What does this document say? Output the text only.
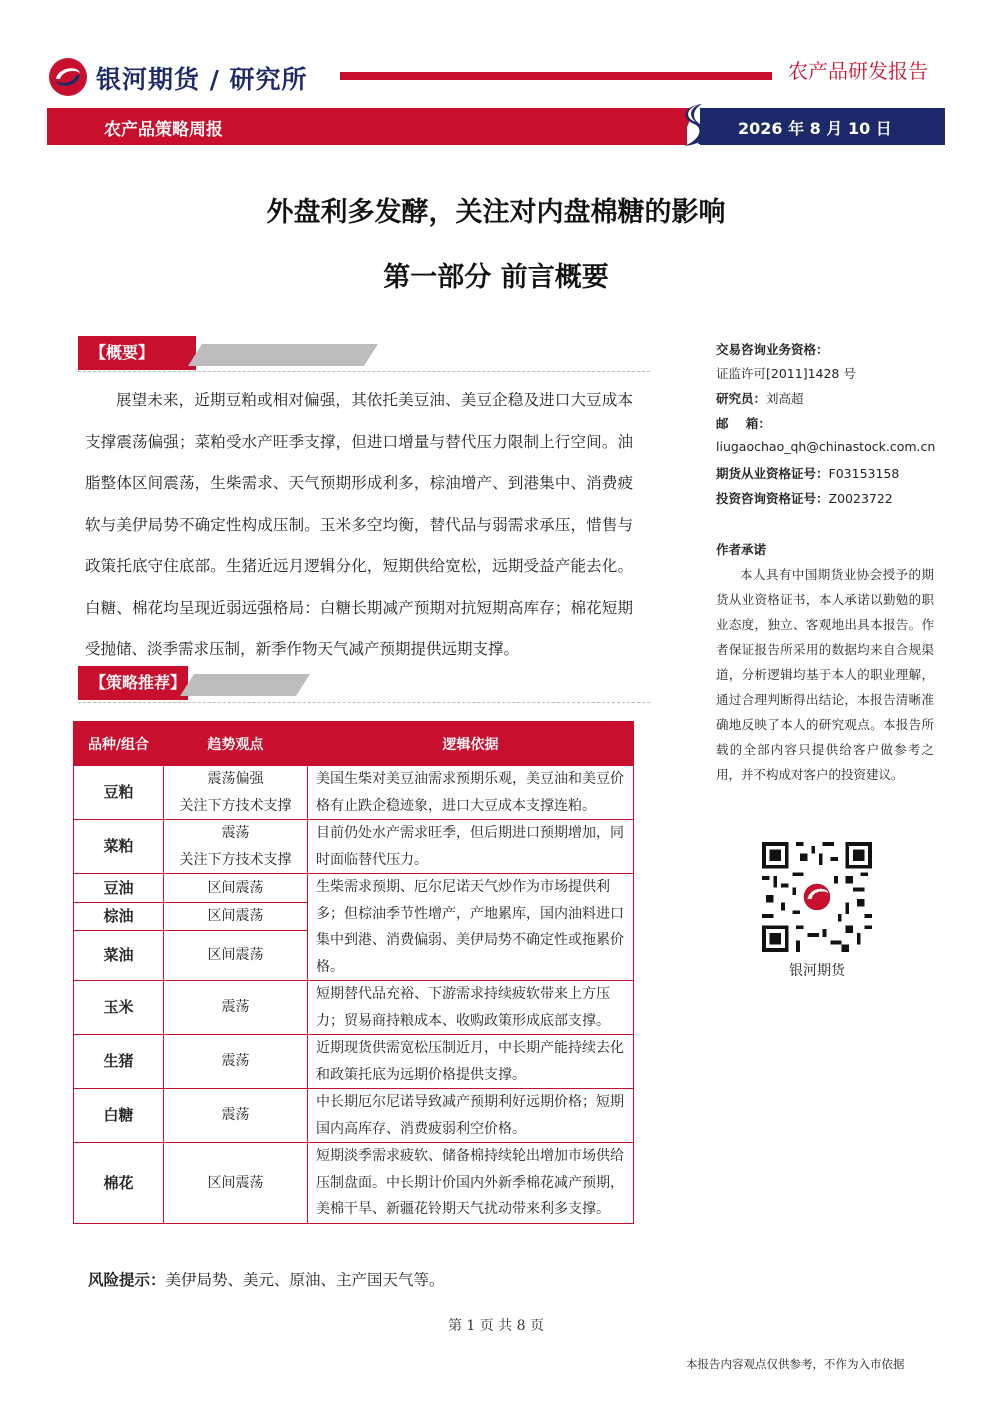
银河期货 / 研究所	农产品研发报告
农产品策略周报	2026 年 8 月 10 日
外盘利多发酵，关注对内盘棉糖的影响
第一部分 前言概要
【概要】
展望未来，近期豆粕或相对偏强，其依托美豆油、美豆企稳及进口大豆成本支撑震荡偏强；菜粕受水产旺季支撑，但进口增量与替代压力限制上行空间。油脂整体区间震荡，生柴需求、天气预期形成利多，棕油增产、到港集中、消费疲软与美伊局势不确定性构成压制。玉米多空均衡，替代品与弱需求承压，惜售与政策托底守住底部。生猪近远月逻辑分化，短期供给宽松，远期受益产能去化。白糖、棉花均呈现近弱远强格局：白糖长期减产预期对抗短期高库存；棉花短期受抛储、淡季需求压制，新季作物天气减产预期提供远期支撑。
【策略推荐】
品种/组合	趋势观点	逻辑依据
豆粕	震荡偏强
关注下方技术支撑	美国生柴对美豆油需求预期乐观，美豆油和美豆价格有止跌企稳迹象，进口大豆成本支撑连粕。
菜粕	震荡
关注下方技术支撑	目前仍处水产需求旺季，但后期进口预期增加，同时面临替代压力。
豆油	区间震荡	生柴需求预期、厄尔尼诺天气炒作为市场提供利多；但棕油季节性增产，产地累库，国内油料进口集中到港、消费偏弱、美伊局势不确定性或拖累价格。
棕油	区间震荡	
菜油	区间震荡	
玉米	震荡	短期替代品充裕、下游需求持续疲软带来上方压力；贸易商持粮成本、收购政策形成底部支撑。
生猪	震荡	近期现货供需宽松压制近月，中长期产能持续去化和政策托底为远期价格提供支撑。
白糖	震荡	中长期厄尔尼诺导致减产预期利好远期价格；短期国内高库存、消费疲弱利空价格。
棉花	区间震荡	短期淡季需求疲软、储备棉持续轮出增加市场供给压制盘面。中长期计价国内外新季棉花减产预期，美棉干旱、新疆花铃期天气扰动带来利多支撑。
风险提示：美伊局势、美元、原油、主产国天气等。
第 1 页 共 8 页
本报告内容观点仅供参考，不作为入市依据
交易咨询业务资格：
证监许可[2011]1428 号
研究员：刘高超
邮    箱：
liugaochao_qh@chinastock.com.cn
期货从业资格证号：F03153158
投资咨询资格证号：Z0023722
作者承诺
本人具有中国期货业协会授予的期货从业资格证书，本人承诺以勤勉的职业态度，独立、客观地出具本报告。作者保证报告所采用的数据均来自合规渠道，分析逻辑均基于本人的职业理解，通过合理判断得出结论，本报告清晰准确地反映了本人的研究观点。本报告所载的全部内容只提供给客户做参考之用，并不构成对客户的投资建议。
银河期货
